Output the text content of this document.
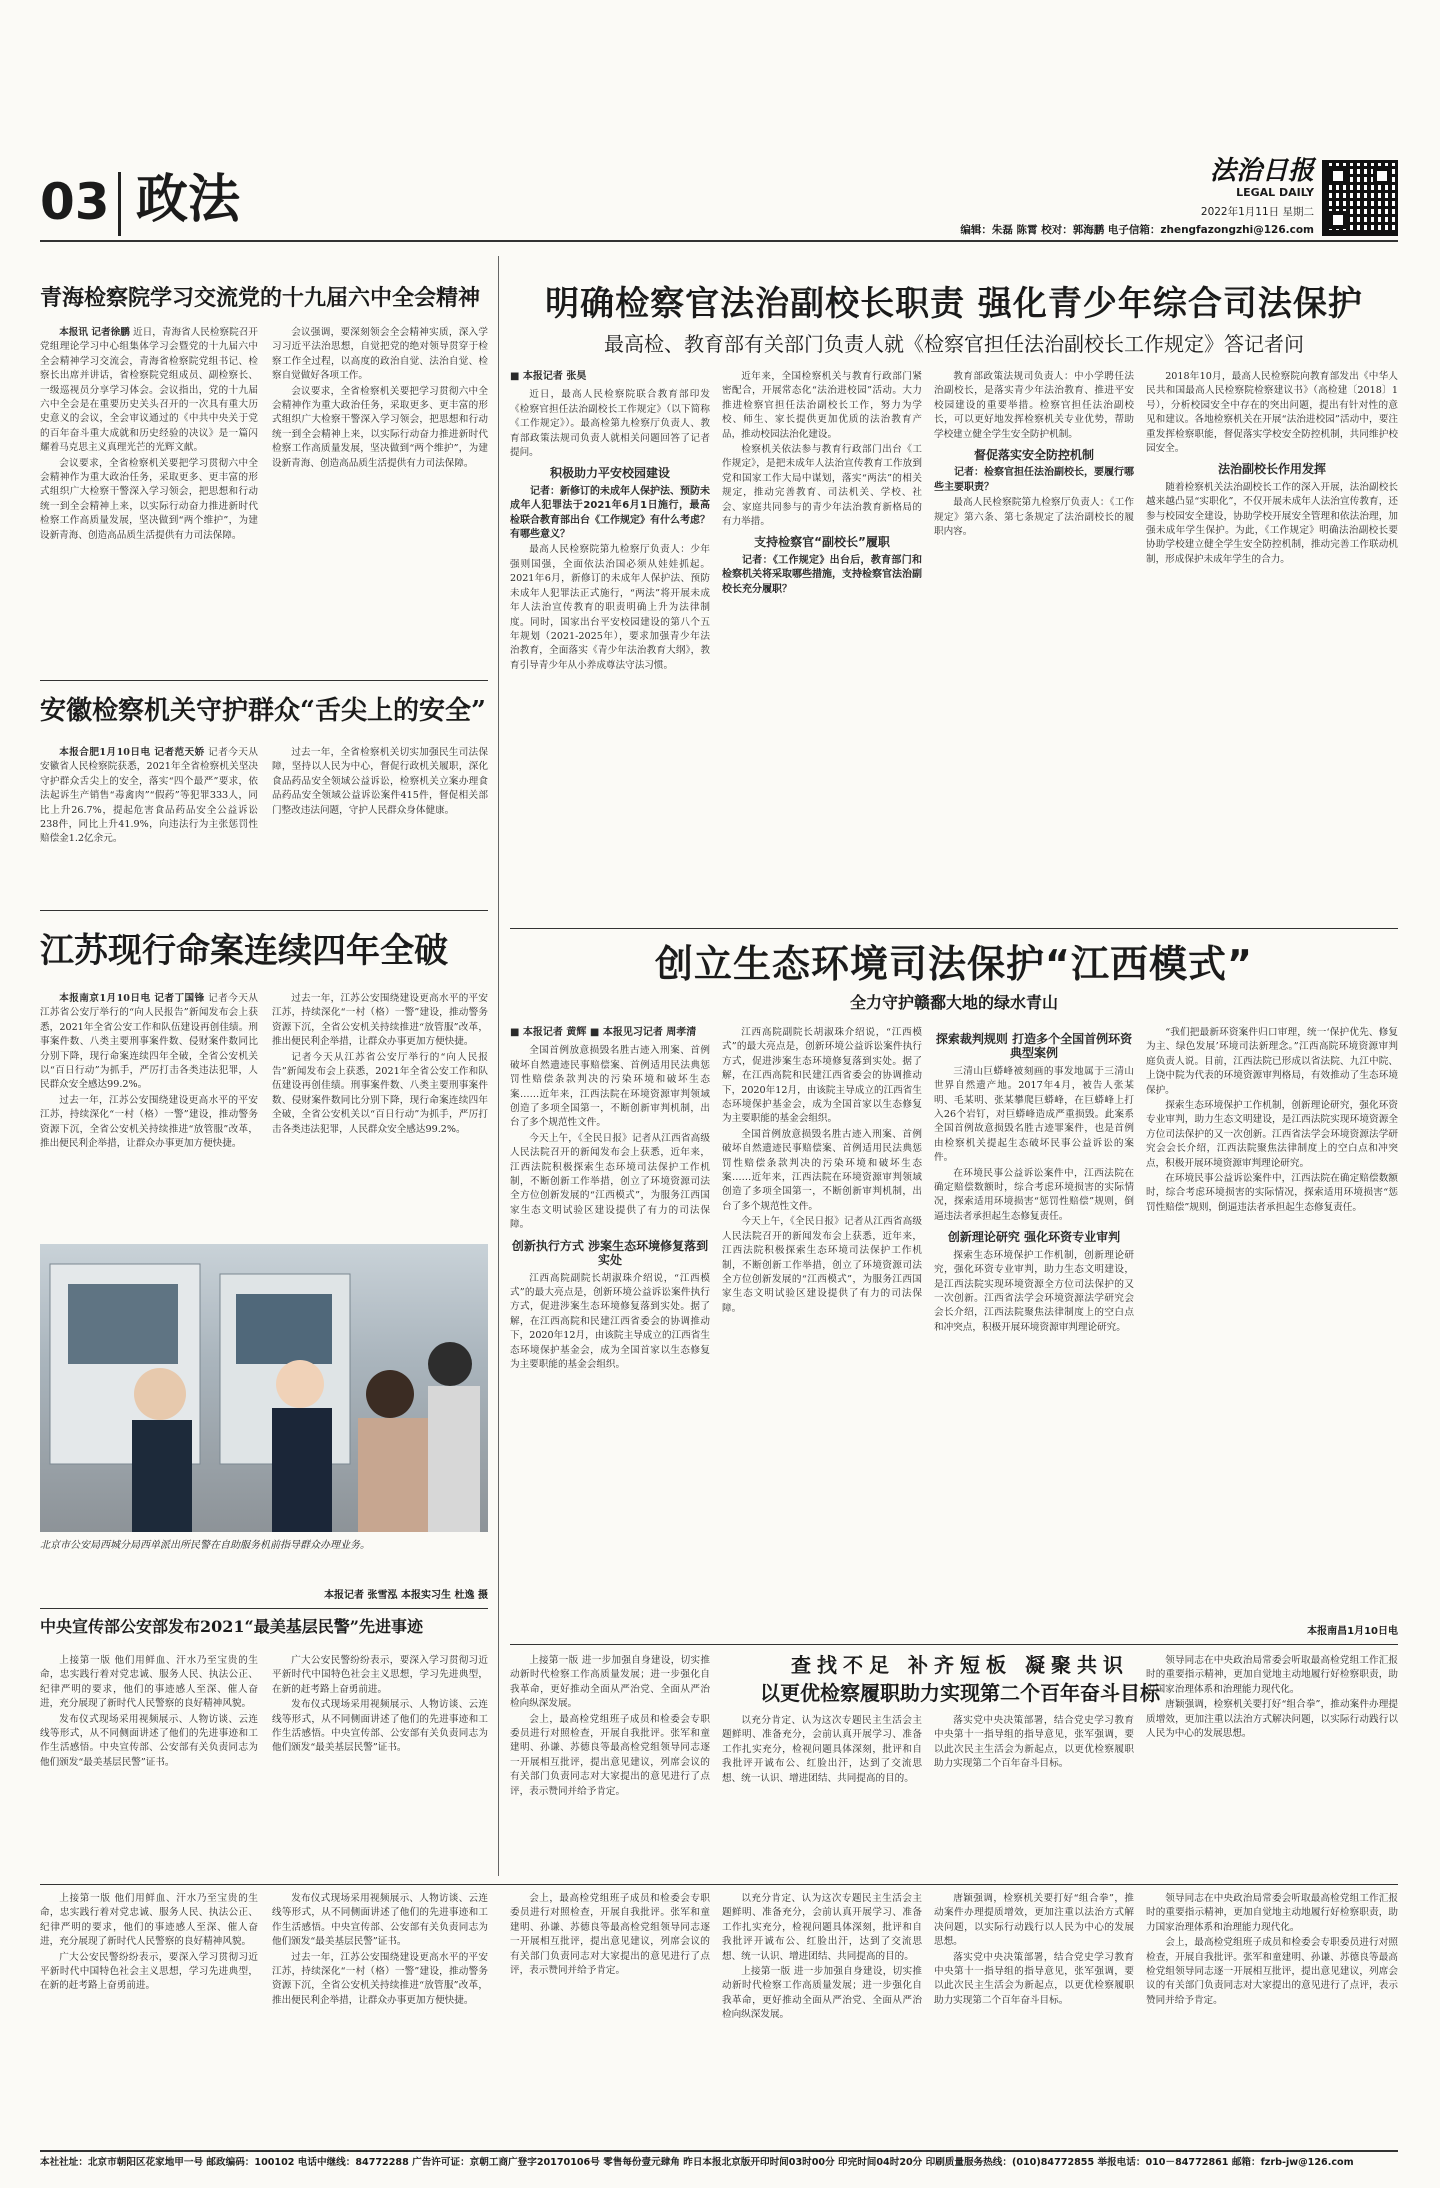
03 政法	法治日报
LEGAL DAILY
2022年1月11日 星期二
编辑：朱磊 陈霄 校对：郭海鹏 电子信箱：zhengfazongzhi@126.com
青海检察院学习交流党的十九届六中全会精神

本报讯 记者徐鹏 近日，青海省人民检察院召开党组理论学习中心组集体学习会暨党的十九届六中全会精神学习交流会，青海省检察院党组书记、检察长出席并讲话，省检察院党组成员、副检察长、一级巡视员分享学习体会。会议指出，党的十九届六中全会是在重要历史关头召开的一次具有重大历史意义的会议，全会审议通过的《中共中央关于党的百年奋斗重大成就和历史经验的决议》是一篇闪耀着马克思主义真理光芒的光辉文献。

会议要求，全省检察机关要把学习贯彻六中全会精神作为重大政治任务，采取更多、更丰富的形式组织广大检察干警深入学习领会，把思想和行动统一到全会精神上来，以实际行动奋力推进新时代检察工作高质量发展，坚决做到“两个维护”，为建设新青海、创造高品质生活提供有力司法保障。

会议强调，要深刻领会全会精神实质，深入学习习近平法治思想，自觉把党的绝对领导贯穿于检察工作全过程，以高度的政治自觉、法治自觉、检察自觉做好各项工作。

会议要求，全省检察机关要把学习贯彻六中全会精神作为重大政治任务，采取更多、更丰富的形式组织广大检察干警深入学习领会，把思想和行动统一到全会精神上来，以实际行动奋力推进新时代检察工作高质量发展，坚决做到“两个维护”，为建设新青海、创造高品质生活提供有力司法保障。

安徽检察机关守护群众“舌尖上的安全”

本报合肥1月10日电 记者范天娇 记者今天从安徽省人民检察院获悉，2021年全省检察机关坚决守护群众舌尖上的安全，落实“四个最严”要求，依法起诉生产销售“毒禽肉”“假药”等犯罪333人，同比上升26.7%，提起危害食品药品安全公益诉讼238件，同比上升41.9%，向违法行为主张惩罚性赔偿金1.2亿余元。

过去一年，全省检察机关切实加强民生司法保障，坚持以人民为中心，督促行政机关履职，深化食品药品安全领域公益诉讼，检察机关立案办理食品药品安全领域公益诉讼案件415件，督促相关部门整改违法问题，守护人民群众身体健康。

江苏现行命案连续四年全破

本报南京1月10日电 记者丁国锋 记者今天从江苏省公安厅举行的“向人民报告”新闻发布会上获悉，2021年全省公安工作和队伍建设再创佳绩。刑事案件数、八类主要刑事案件数、侵财案件数同比分别下降，现行命案连续四年全破，全省公安机关以“百日行动”为抓手，严厉打击各类违法犯罪，人民群众安全感达99.2%。

过去一年，江苏公安围绕建设更高水平的平安江苏，持续深化“一村（格）一警”建设，推动警务资源下沉，全省公安机关持续推进“放管服”改革，推出便民利企举措，让群众办事更加方便快捷。

过去一年，江苏公安围绕建设更高水平的平安江苏，持续深化“一村（格）一警”建设，推动警务资源下沉，全省公安机关持续推进“放管服”改革，推出便民利企举措，让群众办事更加方便快捷。

记者今天从江苏省公安厅举行的“向人民报告”新闻发布会上获悉，2021年全省公安工作和队伍建设再创佳绩。刑事案件数、八类主要刑事案件数、侵财案件数同比分别下降，现行命案连续四年全破，全省公安机关以“百日行动”为抓手，严厉打击各类违法犯罪，人民群众安全感达99.2%。

北京市公安局西城分局西单派出所民警在自助服务机前指导群众办理业务。
本报记者 张雪泓 本报实习生 杜逸 摄
中央宣传部公安部发布2021“最美基层民警”先进事迹

上接第一版 他们用鲜血、汗水乃至宝贵的生命，忠实践行着对党忠诚、服务人民、执法公正、纪律严明的要求，他们的事迹感人至深、催人奋进，充分展现了新时代人民警察的良好精神风貌。

发布仪式现场采用视频展示、人物访谈、云连线等形式，从不同侧面讲述了他们的先进事迹和工作生活感悟。中央宣传部、公安部有关负责同志为他们颁发“最美基层民警”证书。

广大公安民警纷纷表示，要深入学习贯彻习近平新时代中国特色社会主义思想，学习先进典型，在新的赶考路上奋勇前进。

发布仪式现场采用视频展示、人物访谈、云连线等形式，从不同侧面讲述了他们的先进事迹和工作生活感悟。中央宣传部、公安部有关负责同志为他们颁发“最美基层民警”证书。

明确检察官法治副校长职责 强化青少年综合司法保护
最高检、教育部有关部门负责人就《检察官担任法治副校长工作规定》答记者问
■ 本报记者 张昊

近日，最高人民检察院联合教育部印发《检察官担任法治副校长工作规定》（以下简称《工作规定》）。最高检第九检察厅负责人、教育部政策法规司负责人就相关问题回答了记者提问。

积极助力平安校园建设

记者：新修订的未成年人保护法、预防未成年人犯罪法于2021年6月1日施行，最高检联合教育部出台《工作规定》有什么考虑？有哪些意义？

最高人民检察院第九检察厅负责人：少年强则国强，全面依法治国必须从娃娃抓起。2021年6月，新修订的未成年人保护法、预防未成年人犯罪法正式施行，“两法”将开展未成年人法治宣传教育的职责明确上升为法律制度。同时，国家出台平安校园建设的第八个五年规划（2021-2025年），要求加强青少年法治教育，全面落实《青少年法治教育大纲》，教育引导青少年从小养成尊法守法习惯。

近年来，全国检察机关与教育行政部门紧密配合，开展常态化“法治进校园”活动。大力推进检察官担任法治副校长工作，努力为学校、师生、家长提供更加优质的法治教育产品，推动校园法治化建设。

检察机关依法参与教育行政部门出台《工作规定》，是把未成年人法治宣传教育工作放到党和国家工作大局中谋划，落实“两法”的相关规定，推动完善教育、司法机关、学校、社会、家庭共同参与的青少年法治教育新格局的有力举措。

支持检察官“副校长”履职

记者：《工作规定》出台后，教育部门和检察机关将采取哪些措施，支持检察官法治副校长充分履职？

教育部政策法规司负责人：中小学聘任法治副校长，是落实青少年法治教育、推进平安校园建设的重要举措。检察官担任法治副校长，可以更好地发挥检察机关专业优势，帮助学校建立健全学生安全防护机制。

督促落实安全防控机制

记者：检察官担任法治副校长，要履行哪些主要职责？

最高人民检察院第九检察厅负责人：《工作规定》第六条、第七条规定了法治副校长的履职内容。

2018年10月，最高人民检察院向教育部发出《中华人民共和国最高人民检察院检察建议书》（高检建〔2018〕1号），分析校园安全中存在的突出问题，提出有针对性的意见和建议。各地检察机关在开展“法治进校园”活动中，要注重发挥检察职能，督促落实学校安全防控机制，共同维护校园安全。

法治副校长作用发挥

随着检察机关法治副校长工作的深入开展，法治副校长越来越凸显“实职化”，不仅开展未成年人法治宣传教育，还参与校园安全建设，协助学校开展安全管理和依法治理，加强未成年学生保护。为此，《工作规定》明确法治副校长要协助学校建立健全学生安全防控机制，推动完善工作联动机制，形成保护未成年学生的合力。

创立生态环境司法保护“江西模式”
全力守护赣鄱大地的绿水青山
■ 本报记者 黄辉 ■ 本报见习记者 周孝清

全国首例放意损毁名胜古迹入刑案、首例破坏自然遗迹民事赔偿案、首例适用民法典惩罚性赔偿条款判决的污染环境和破坏生态案……近年来，江西法院在环境资源审判领域创造了多项全国第一，不断创新审判机制，出台了多个规范性文件。

今天上午，《全民日报》记者从江西省高级人民法院召开的新闻发布会上获悉，近年来，江西法院积极探索生态环境司法保护工作机制，不断创新工作举措，创立了环境资源司法全方位创新发展的“江西模式”，为服务江西国家生态文明试验区建设提供了有力的司法保障。

创新执行方式 涉案生态环境修复落到实处

江西高院副院长胡淑珠介绍说，“江西模式”的最大亮点是，创新环境公益诉讼案件执行方式，促进涉案生态环境修复落到实处。据了解，在江西高院和民建江西省委会的协调推动下，2020年12月，由该院主导成立的江西省生态环境保护基金会，成为全国首家以生态修复为主要职能的基金会组织。

江西高院副院长胡淑珠介绍说，“江西模式”的最大亮点是，创新环境公益诉讼案件执行方式，促进涉案生态环境修复落到实处。据了解，在江西高院和民建江西省委会的协调推动下，2020年12月，由该院主导成立的江西省生态环境保护基金会，成为全国首家以生态修复为主要职能的基金会组织。

全国首例放意损毁名胜古迹入刑案、首例破坏自然遗迹民事赔偿案、首例适用民法典惩罚性赔偿条款判决的污染环境和破坏生态案……近年来，江西法院在环境资源审判领域创造了多项全国第一，不断创新审判机制，出台了多个规范性文件。

今天上午，《全民日报》记者从江西省高级人民法院召开的新闻发布会上获悉，近年来，江西法院积极探索生态环境司法保护工作机制，不断创新工作举措，创立了环境资源司法全方位创新发展的“江西模式”，为服务江西国家生态文明试验区建设提供了有力的司法保障。

探索裁判规则 打造多个全国首例环资典型案例

三清山巨蟒峰被刻画的事发地属于三清山世界自然遗产地。2017年4月，被告人张某明、毛某明、张某攀爬巨蟒峰，在巨蟒峰上打入26个岩钉，对巨蟒峰造成严重损毁。此案系全国首例故意损毁名胜古迹罪案件，也是首例由检察机关提起生态破坏民事公益诉讼的案件。

在环境民事公益诉讼案件中，江西法院在确定赔偿数额时，综合考虑环境损害的实际情况，探索适用环境损害“惩罚性赔偿”规则，倒逼违法者承担起生态修复责任。

创新理论研究 强化环资专业审判

探索生态环境保护工作机制，创新理论研究，强化环资专业审判，助力生态文明建设，是江西法院实现环境资源全方位司法保护的又一次创新。江西省法学会环境资源法学研究会会长介绍，江西法院聚焦法律制度上的空白点和冲突点，积极开展环境资源审判理论研究。

“我们把最新环资案件归口审理，统一‘保护优先、修复为主、绿色发展’环境司法新理念。”江西高院环境资源审判庭负责人说。目前，江西法院已形成以省法院、九江中院、上饶中院为代表的环境资源审判格局，有效推动了生态环境保护。

探索生态环境保护工作机制，创新理论研究，强化环资专业审判，助力生态文明建设，是江西法院实现环境资源全方位司法保护的又一次创新。江西省法学会环境资源法学研究会会长介绍，江西法院聚焦法律制度上的空白点和冲突点，积极开展环境资源审判理论研究。

在环境民事公益诉讼案件中，江西法院在确定赔偿数额时，综合考虑环境损害的实际情况，探索适用环境损害“惩罚性赔偿”规则，倒逼违法者承担起生态修复责任。

本报南昌1月10日电
查找不足 补齐短板 凝聚共识
以更优检察履职助力实现第二个百年奋斗目标

上接第一版 进一步加强自身建设，切实推动新时代检察工作高质量发展；进一步强化自我革命，更好推动全面从严治党、全面从严治检向纵深发展。

会上，最高检党组班子成员和检委会专职委员进行对照检查，开展自我批评。张军和童建明、孙谦、苏德良等最高检党组领导同志逐一开展相互批评，提出意见建议，列席会议的有关部门负责同志对大家提出的意见进行了点评，表示赞同并给予肯定。

以充分肯定、认为这次专题民主生活会主题鲜明、准备充分，会前认真开展学习、准备工作扎实充分，检视问题具体深刻，批评和自我批评开诚布公、红脸出汗，达到了交流思想、统一认识、增进团结、共同提高的目的。

落实党中央决策部署，结合党史学习教育中央第十一指导组的指导意见，张军强调，要以此次民主生活会为新起点，以更优检察履职助力实现第二个百年奋斗目标。

领导同志在中央政治局常委会听取最高检党组工作汇报时的重要指示精神，更加自觉地主动地履行好检察职责，助力国家治理体系和治理能力现代化。

唐颖强调，检察机关要打好“组合拳”，推动案件办理提质增效，更加注重以法治方式解决问题，以实际行动践行以人民为中心的发展思想。

上接第一版 他们用鲜血、汗水乃至宝贵的生命，忠实践行着对党忠诚、服务人民、执法公正、纪律严明的要求，他们的事迹感人至深、催人奋进，充分展现了新时代人民警察的良好精神风貌。

广大公安民警纷纷表示，要深入学习贯彻习近平新时代中国特色社会主义思想，学习先进典型，在新的赶考路上奋勇前进。

发布仪式现场采用视频展示、人物访谈、云连线等形式，从不同侧面讲述了他们的先进事迹和工作生活感悟。中央宣传部、公安部有关负责同志为他们颁发“最美基层民警”证书。

过去一年，江苏公安围绕建设更高水平的平安江苏，持续深化“一村（格）一警”建设，推动警务资源下沉，全省公安机关持续推进“放管服”改革，推出便民利企举措，让群众办事更加方便快捷。

会上，最高检党组班子成员和检委会专职委员进行对照检查，开展自我批评。张军和童建明、孙谦、苏德良等最高检党组领导同志逐一开展相互批评，提出意见建议，列席会议的有关部门负责同志对大家提出的意见进行了点评，表示赞同并给予肯定。

以充分肯定、认为这次专题民主生活会主题鲜明、准备充分，会前认真开展学习、准备工作扎实充分，检视问题具体深刻，批评和自我批评开诚布公、红脸出汗，达到了交流思想、统一认识、增进团结、共同提高的目的。

上接第一版 进一步加强自身建设，切实推动新时代检察工作高质量发展；进一步强化自我革命，更好推动全面从严治党、全面从严治检向纵深发展。

唐颖强调，检察机关要打好“组合拳”，推动案件办理提质增效，更加注重以法治方式解决问题，以实际行动践行以人民为中心的发展思想。

落实党中央决策部署，结合党史学习教育中央第十一指导组的指导意见，张军强调，要以此次民主生活会为新起点，以更优检察履职助力实现第二个百年奋斗目标。

领导同志在中央政治局常委会听取最高检党组工作汇报时的重要指示精神，更加自觉地主动地履行好检察职责，助力国家治理体系和治理能力现代化。

会上，最高检党组班子成员和检委会专职委员进行对照检查，开展自我批评。张军和童建明、孙谦、苏德良等最高检党组领导同志逐一开展相互批评，提出意见建议，列席会议的有关部门负责同志对大家提出的意见进行了点评，表示赞同并给予肯定。

本社社址：北京市朝阳区花家地甲一号 邮政编码：100102 电话中继线：84772288 广告许可证：京朝工商广登字20170106号 零售每份壹元肆角 昨日本报北京版开印时间03时00分 印完时间04时20分 印刷质量服务热线：(010)84772855 举报电话：010－84772861 邮箱：fzrb-jw@126.com
